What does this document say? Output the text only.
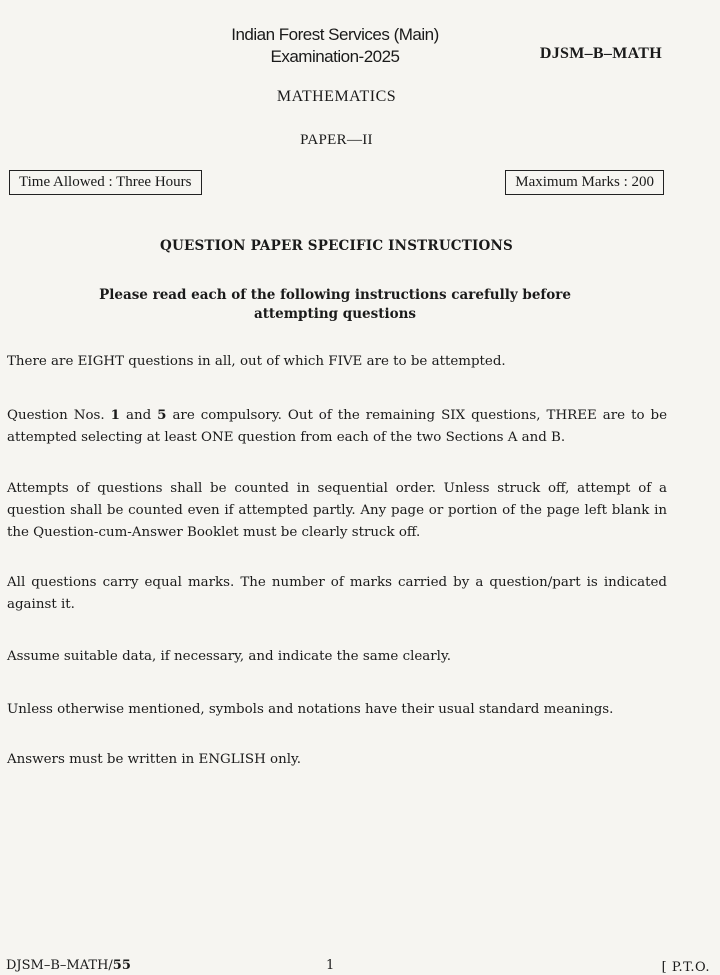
Indian Forest Services (Main)
Examination-2025	DJSM–B–MATH
MATHEMATICS
PAPER—II
Time Allowed : Three Hours	Maximum Marks : 200
QUESTION PAPER SPECIFIC INSTRUCTIONS
Please read each of the following instructions carefully before
attempting questions

There are EIGHT questions in all, out of which FIVE are to be attempted.

Question Nos. 1 and 5 are compulsory. Out of the remaining SIX questions, THREE are to be attempted selecting at least ONE question from each of the two Sections A and B.

Attempts of questions shall be counted in sequential order. Unless struck off, attempt of a question shall be counted even if attempted partly. Any page or portion of the page left blank in the Question-cum-Answer Booklet must be clearly struck off.

All questions carry equal marks. The number of marks carried by a question/part is indicated against it.

Assume suitable data, if necessary, and indicate the same clearly.

Unless otherwise mentioned, symbols and notations have their usual standard meanings.

Answers must be written in ENGLISH only.

DJSM–B–MATH/55	1	[ P.T.O.
